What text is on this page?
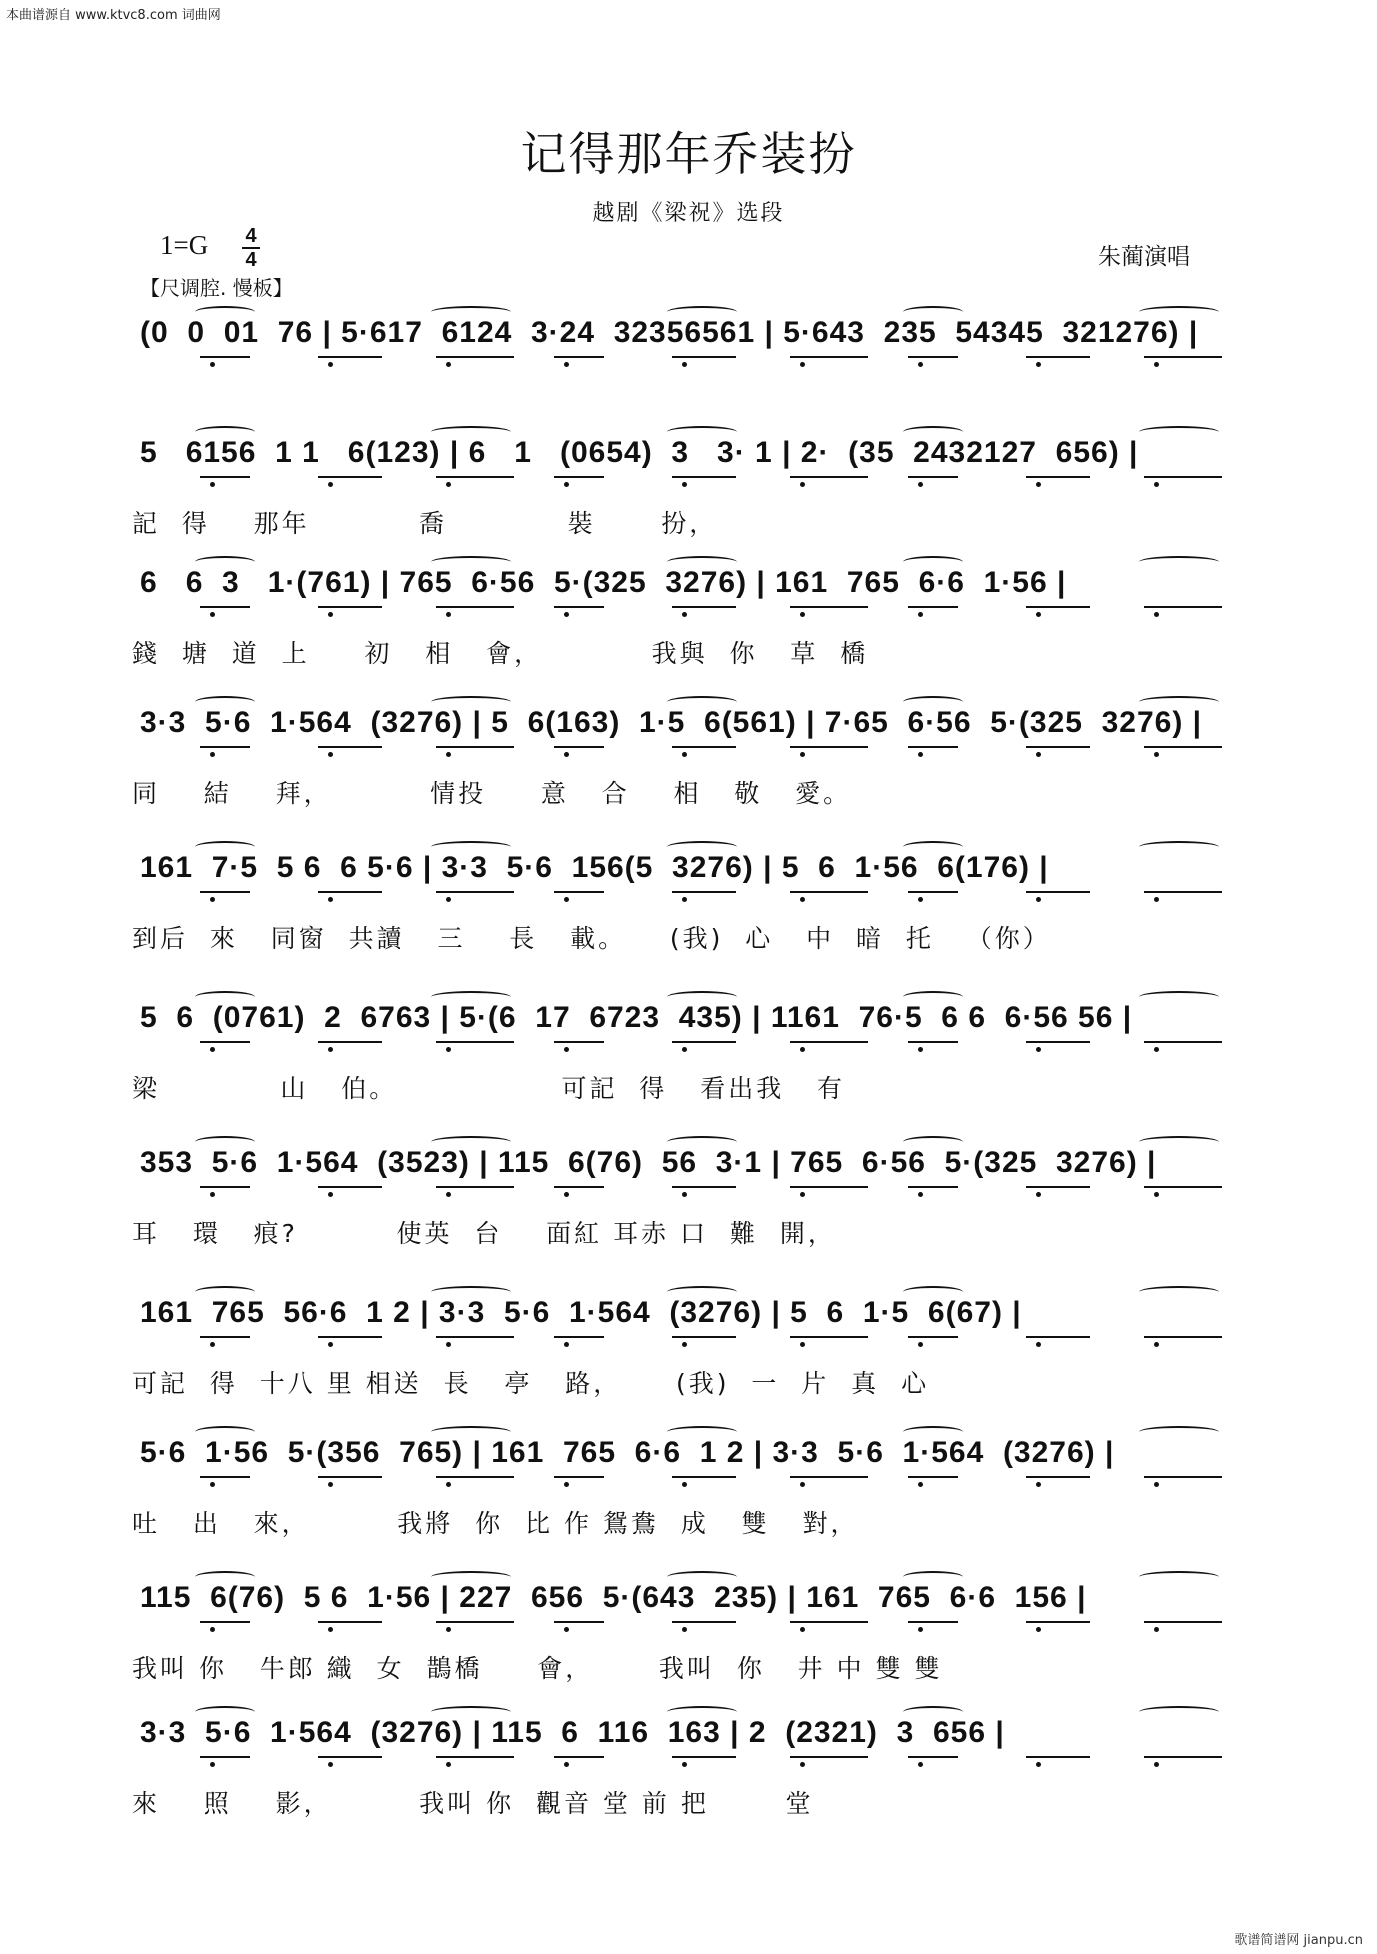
本曲谱源自 www.ktvc8.com 词曲网
记得那年乔装扮
越剧《梁祝》选段
1=G 4
4	朱蔺演唱
【尺调腔. 慢板】
(0  0  01  76 | 5·617  6124  3·24  32356561 | 5·643  235  54345  321276) |
5   6156  1 1   6(123) | 6   1   (0654)  3   3· 1 | 2·  (35  2432127  656) |
記  得    那年          喬           裝      扮，
6   6  3   1·(761) | 765  6·56  5·(325  3276) | 161  765  6·6  1·56 |
錢  塘  道  上     初   相   會，          我與  你   草  橋
3·3  5·6  1·564  (3276) | 5  6(163)  1·5  6(561) | 7·65  6·56  5·(325  3276) |
同    結    拜，         情投     意   合    相   敬   愛。
161  7·5  5 6  6 5·6 | 3·3  5·6  156(5  3276) | 5  6  1·56  6(176) |
到后  來   同窗  共讀   三    長   載。    (我)  心   中  暗  托   （你）
5  6  (0761)  2  6763 | 5·(6  17  6723  435) | 1161  76·5  6 6  6·56 56 |
梁           山   伯。               可記  得   看出我   有
353  5·6  1·564  (3523) | 115  6(76)  56  3·1 | 765  6·56  5·(325  3276) |
耳   環   痕?         使英  台    面紅 耳赤 口  難  開，
161  765  56·6  1 2 | 3·3  5·6  1·564  (3276) | 5  6  1·5  6(67) |
可記  得  十八 里 相送  長   亭   路，     (我)  一  片  真  心
5·6  1·56  5·(356  765) | 161  765  6·6  1 2 | 3·3  5·6  1·564  (3276) |
吐   出   來，        我將  你  比 作 鴛鴦  成   雙   對，
115  6(76)  5 6  1·56 | 227  656  5·(643  235) | 161  765  6·6  156 |
我叫 你   牛郎 織  女  鵲橋     會，      我叫  你   井 中 雙 雙
3·3  5·6  1·564  (3276) | 115  6  116  163 | 2  (2321)  3  656 |
來    照    影，        我叫 你  觀音 堂 前 把       堂
歌谱简谱网 jianpu.cn
